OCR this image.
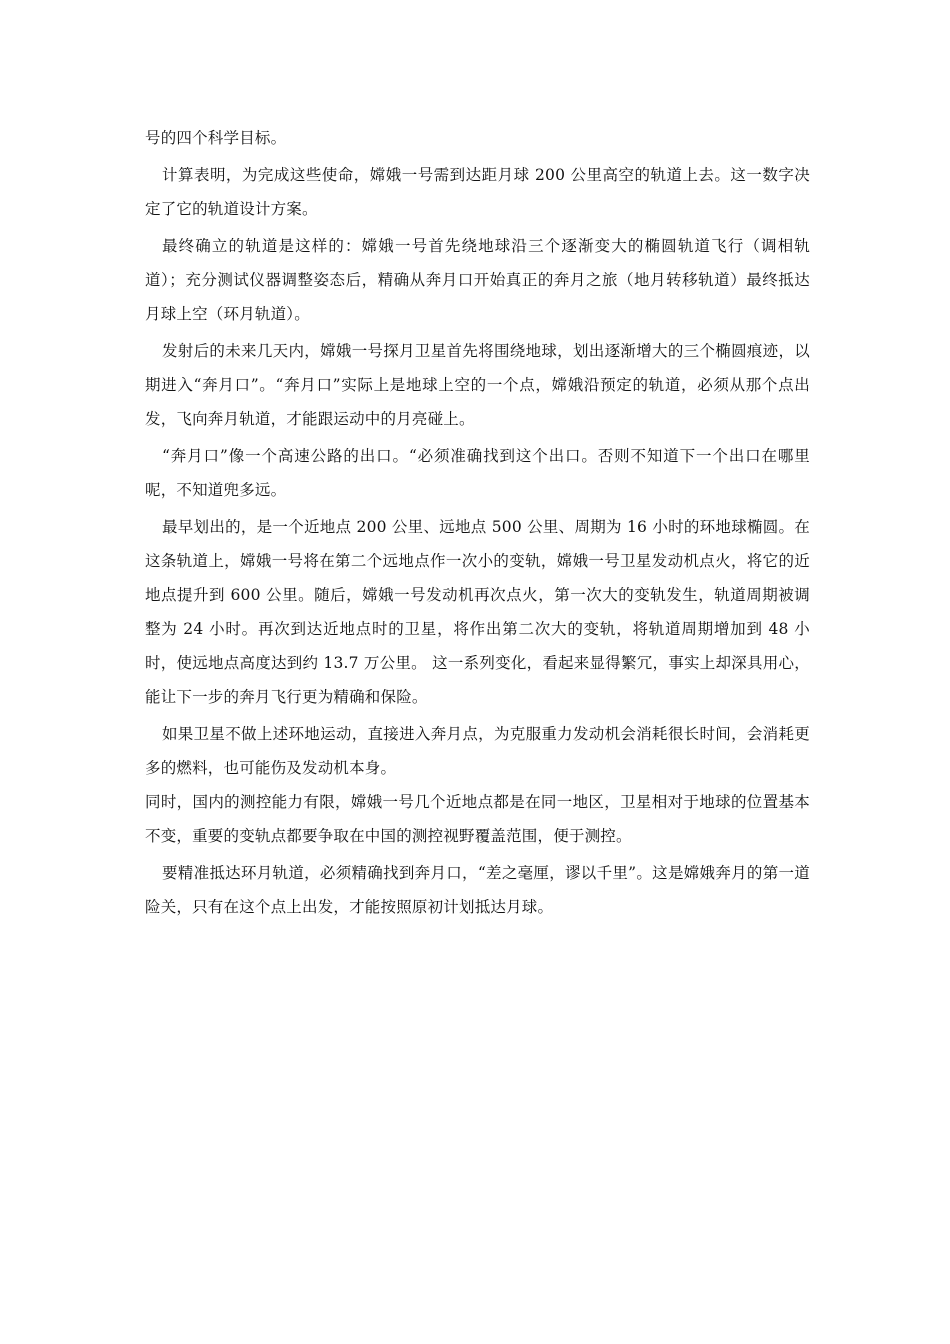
号的四个科学目标。

计算表明，为完成这些使命，嫦娥一号需到达距月球 200 公里高空的轨道上去。这一数字决定了它的轨道设计方案。

最终确立的轨道是这样的：嫦娥一号首先绕地球沿三个逐渐变大的椭圆轨道飞行（调相轨道）；充分测试仪器调整姿态后，精确从奔月口开始真正的奔月之旅（地月转移轨道）最终抵达月球上空（环月轨道）。

发射后的未来几天内，嫦娥一号探月卫星首先将围绕地球，划出逐渐增大的三个椭圆痕迹，以期进入“奔月口”。“奔月口”实际上是地球上空的一个点，嫦娥沿预定的轨道，必须从那个点出发，飞向奔月轨道，才能跟运动中的月亮碰上。

“奔月口”像一个高速公路的出口。“必须准确找到这个出口。否则不知道下一个出口在哪里呢，不知道兜多远。

最早划出的，是一个近地点 200 公里、远地点 500 公里、周期为 16 小时的环地球椭圆。在这条轨道上，嫦娥一号将在第二个远地点作一次小的变轨，嫦娥一号卫星发动机点火，将它的近地点提升到 600 公里。随后，嫦娥一号发动机再次点火，第一次大的变轨发生，轨道周期被调整为 24 小时。再次到达近地点时的卫星，将作出第二次大的变轨，将轨道周期增加到 48 小时，使远地点高度达到约 13.7 万公里。 这一系列变化，看起来显得繁冗，事实上却深具用心，能让下一步的奔月飞行更为精确和保险。

如果卫星不做上述环地运动，直接进入奔月点，为克服重力发动机会消耗很长时间，会消耗更多的燃料，也可能伤及发动机本身。

同时，国内的测控能力有限，嫦娥一号几个近地点都是在同一地区，卫星相对于地球的位置基本不变，重要的变轨点都要争取在中国的测控视野覆盖范围，便于测控。

要精准抵达环月轨道，必须精确找到奔月口，“差之毫厘，谬以千里”。这是嫦娥奔月的第一道险关，只有在这个点上出发，才能按照原初计划抵达月球。
